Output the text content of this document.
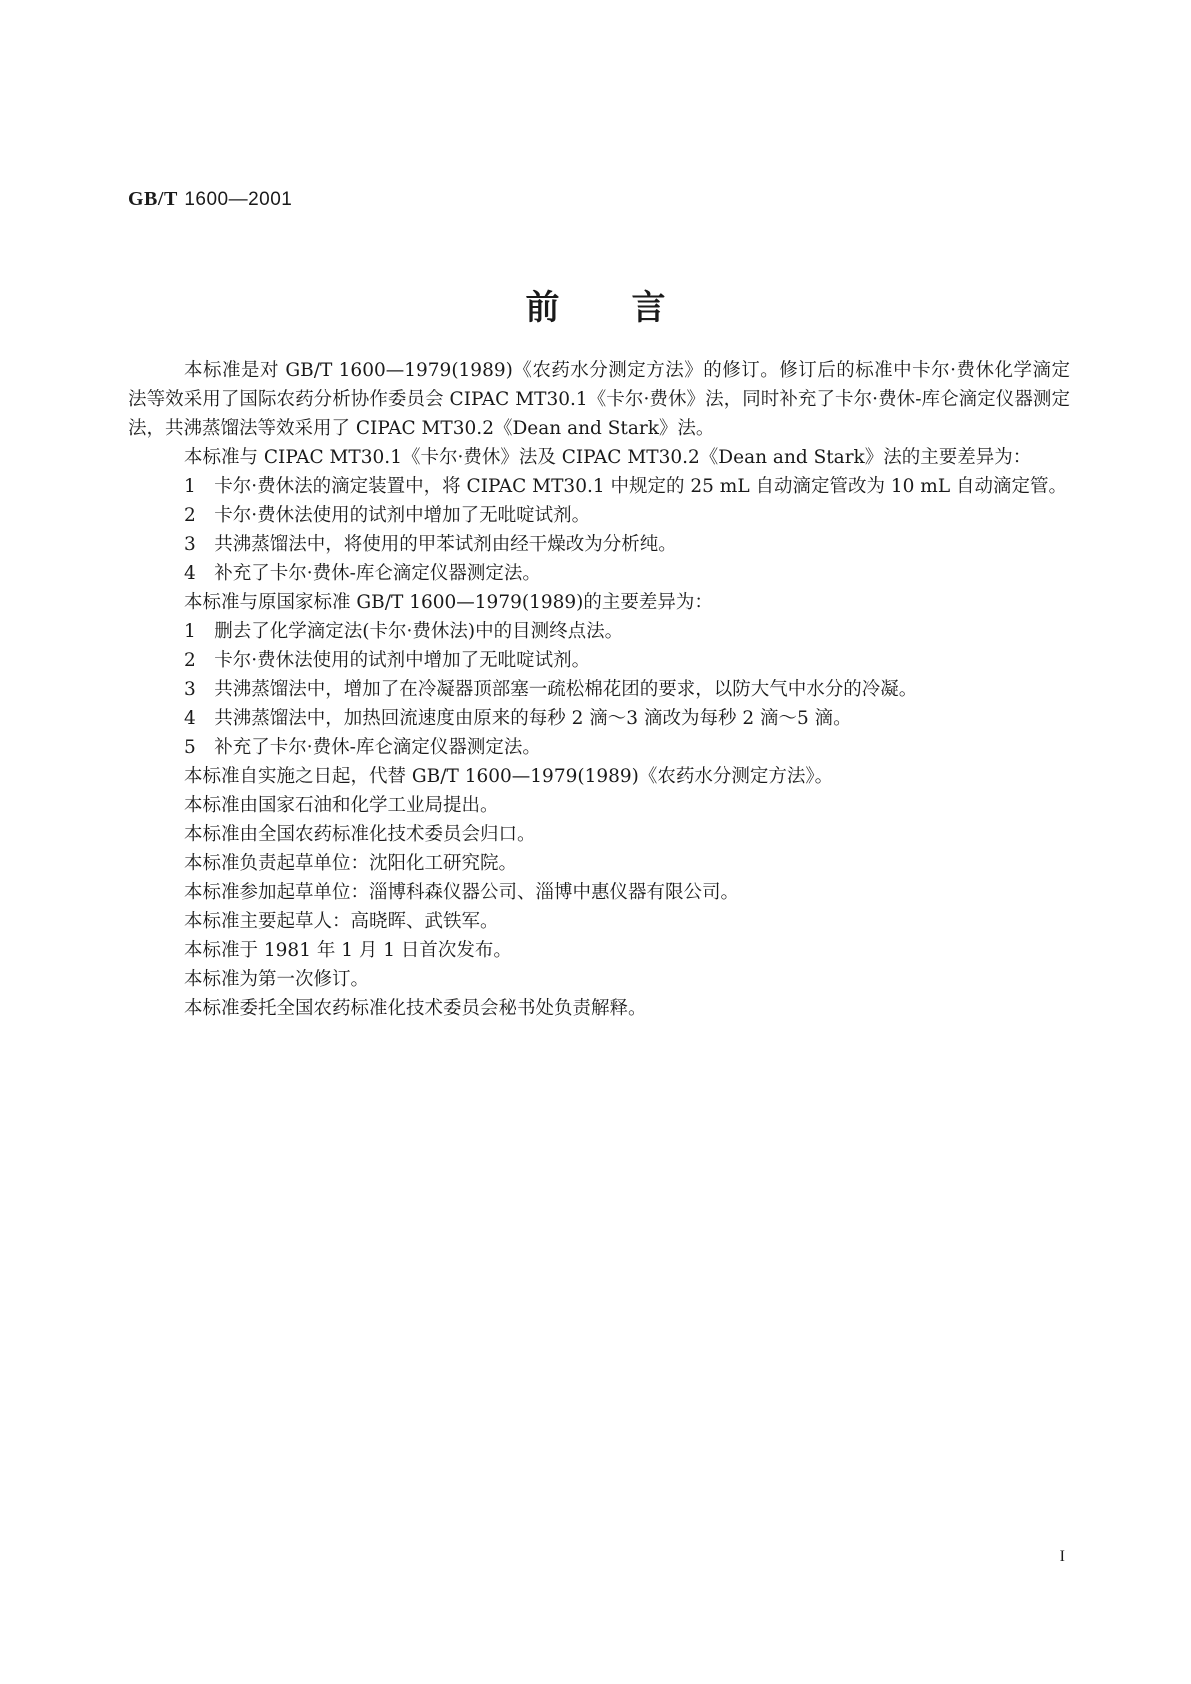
GB/T 1600—2001
前言

本标准是对 GB/T 1600—1979(1989)《农药水分测定方法》的修订。修订后的标准中卡尔·费休化学滴定法等效采用了国际农药分析协作委员会 CIPAC MT30.1《卡尔·费休》法，同时补充了卡尔·费休-库仑滴定仪器测定法，共沸蒸馏法等效采用了 CIPAC MT30.2《Dean and Stark》法。

本标准与 CIPAC MT30.1《卡尔·费休》法及 CIPAC MT30.2《Dean and Stark》法的主要差异为：

1　卡尔·费休法的滴定装置中，将 CIPAC MT30.1 中规定的 25 mL 自动滴定管改为 10 mL 自动滴定管。

2　卡尔·费休法使用的试剂中增加了无吡啶试剂。

3　共沸蒸馏法中，将使用的甲苯试剂由经干燥改为分析纯。

4　补充了卡尔·费休-库仑滴定仪器测定法。

本标准与原国家标准 GB/T 1600—1979(1989)的主要差异为：

1　删去了化学滴定法(卡尔·费休法)中的目测终点法。

2　卡尔·费休法使用的试剂中增加了无吡啶试剂。

3　共沸蒸馏法中，增加了在冷凝器顶部塞一疏松棉花团的要求，以防大气中水分的冷凝。

4　共沸蒸馏法中，加热回流速度由原来的每秒 2 滴～3 滴改为每秒 2 滴～5 滴。

5　补充了卡尔·费休-库仑滴定仪器测定法。

本标准自实施之日起，代替 GB/T 1600—1979(1989)《农药水分测定方法》。

本标准由国家石油和化学工业局提出。

本标准由全国农药标准化技术委员会归口。

本标准负责起草单位：沈阳化工研究院。

本标准参加起草单位：淄博科森仪器公司、淄博中惠仪器有限公司。

本标准主要起草人：高晓晖、武铁军。

本标准于 1981 年 1 月 1 日首次发布。

本标准为第一次修订。

本标准委托全国农药标准化技术委员会秘书处负责解释。

I
